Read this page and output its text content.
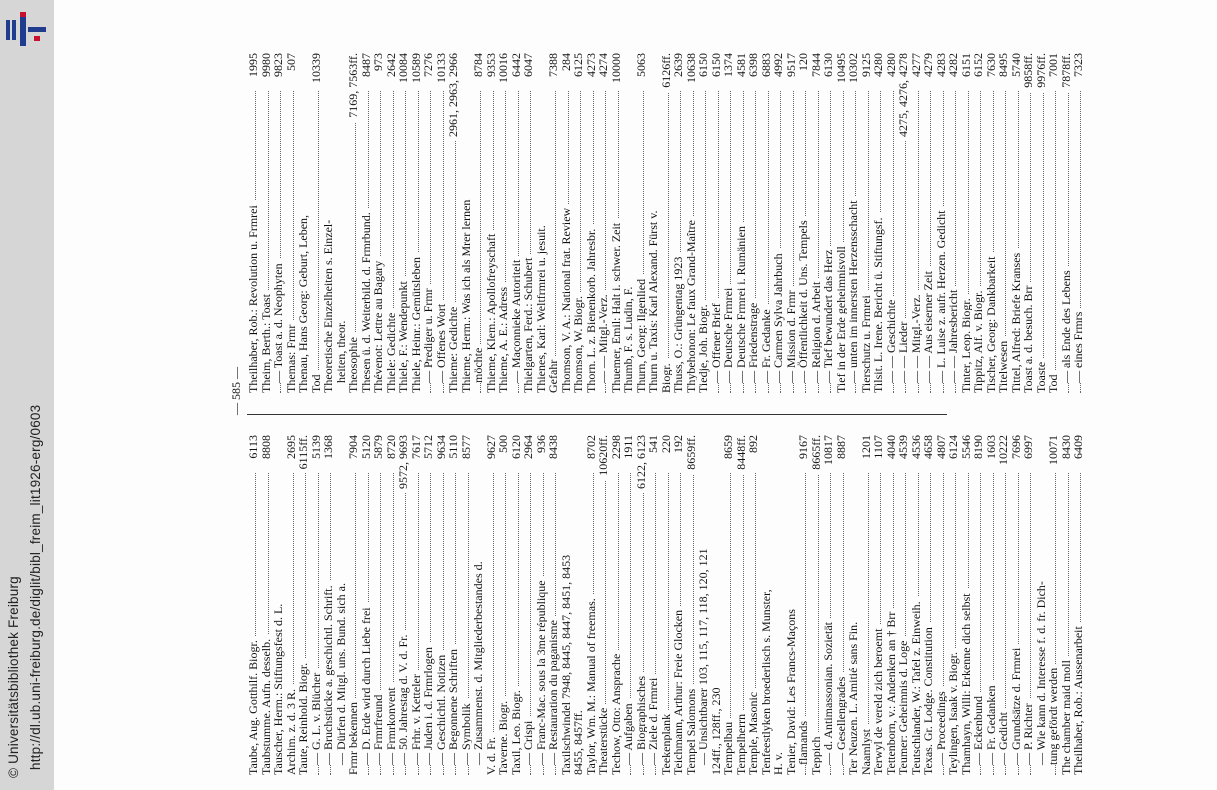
http://dl.ub.uni-freiburg.de/diglit/bibl_freim_lit1926-erg/0603
© Universitätsbibliothek Freiburg
— 585 —
Taube, Aug. Gotthilf. Biogr.
6113
Taubstumme. Aufn. desselb.
8808
Tauscher, Herm.: Stiftungsfest d. L.
Archim. z. d. 3 R.
2695
Taute, Reinhold. Biogr.
6115ff.
— G. L. v. Blücher
5139
— Bruchstücke a. geschichtl. Schrift.
1368
— Dürfen d. Mitgl. uns. Bund. sich a.
Frmr bekennen
7904
— D. Erde wird durch Liebe frei
5120
— Frmrfreund
5879
— Frmrkonvent
8720
— 50. Jahrestag d. V. d. Fr.
9572, 9693
— Frhr. v. Ketteler
7617
— Juden i. d. Frmrlogen
5712
— Geschichtl. Notizen
9634
— Begonnene Schriften
5110
— Symbolik
8577
— Zusammenst. d. Mitgliederbestandes d.
V. d. Fr.
9627
Taverne. Biogr.
500
Taxil, Leo. Biogr.
6120
— Crispi
2964
— Franc-Mac. sous la 3me république
936
— Restauration du paganisme
8438
Taxilschwindel 7948, 8445, 8447, 8451, 8453
8455, 8457ff.
Taylor, Wm. M.: Manual of freemas.
8702
Theaterstücke
10620ff.
Techow, Otto: Ansprache
2298
— Aufgaben
1911
— Biographisches
6122, 6123
— Ziele d. Frmrei
541
Teekenplank
220
Teichmann, Arthur: Freie Glocken
192
Tempel Salomons
8659ff.
— Unsichtbarer 103, 115, 117, 118, 120, 121
124ff., 128ff., 230
Tempelbau
8659
Tempelherrn
8448ff.
Temple, Masonic
892
Tenfeestlyken broederlisch s. Munster,
H. v.
Tenier, David: Les Francs-Maçons
flamands
9167
Teppich
8665ff.
— d. Antimassonian. Sozietät
10817
— Gesellengrades
8887
Ter Neuzen. L. Amitié sans Fin.
Naamlyst
1201
Terwyl de vereld zich beroemt
1107
Tettenborn, v.: Andenken an † Brr
4040
Teumer: Geheimnis d. Loge
4539
Teutschlander, W.: Tafel z. Einweih.
4536
Texas. Gr. Lodge. Constitution
4658
— Proceedings
4807
Teylingen, Isaak v. Biogr.
6124
Thamhayn, Willi: Erkenne dich selbst
5546
— Eckenbund
8190
— Fr. Gedanken
1603
— Gedicht
10222
— Grundsätze d. Frmrei
7696
— P. Richter
6997
— Wie kann d. Interesse f. d. fr. Dich-
tung gefördt werden
10071
The chamber maid moll
8430
Theilhaber, Rob.: Aussenarbeit
6409
Theilhaber, Rob.: Revolution u. Frmrei
1995
Theim, Berth.: Toast
9980
— Toast a. d. Neophyten
9823
Themas: Frmr
507
Thenau, Hans Georg: Geburt, Leben,
Tod
10339
Theoretische Einzelheiten s. Einzel-
heiten, theor.
Theosophie
7169, 7563ff.
Thesen ü. d. Weiterbild. d. Frmrbund.
8487
Thévenot: Lettre au Bagary
973
Thiele: Gedichte
2642
Thiele, F.: Wendepunkt
10084
Thiele, Heinr.: Gemütsleben
10589
— Prediger u. Frmr
7276
— Offenes Wort
10133
Thieme: Gedichte
2961, 2963, 2966
Thieme, Herm.: Was ich als Mrer lernen
möchte
8784
Thieme, Klem.: Apollofreyschaft
9353
Thieme, A. E.: Adress
10016
— Maçonnieke Autoriteit
6442
Thielgarten, Ferd.: Schubert
6047
Thienes, Karl: Weltfrmrei u. jesuit.
Gefahr
7388
Thomson, V. A.: National frat. Review
284
Thomson, W. Biogr.
6125
Thorn. L. z. Bienenkorb. Jahresbr.
4273
— — Mitgl.-Verz.
4274
Thuemer, Emil: Halt i. schwer. Zeit
10000
Thumb, F. s. Ludin, F.
Thurn, Georg: Ilgenlied
5063
Thurn u. Taxis: Karl Alexand. Fürst v.
Biogr.
6126ff.
Thuss, O.: Grüngentag 1923
2639
Thybehonon: Le faux Grand-Maître
10638
Tiedje, Joh. Biogr.
6150
— Offener Brief
6150
— Deutsche Frmrei
1374
— Deutsche Frmrei i. Rumänien
4581
— Friedenstrage
6398
— Fr. Gedanke
6883
— Carmen Sylva Jahrbuch
4992
— Mission d. Frmr
9517
— Öffentlichkeit d. Uns. Tempels
120
— Religion d. Arbeit
7844
— Tief bewundert das Herz
6130
Tief in der Erde geheimnisvoll
10495
— unten im innersten Herzensschacht
10302
Tierschutz u. Frmrei
9125
Tilsit. L. Irene. Bericht ü. Stiftungsf.
4280
— — Geschichte
4280
— — Lieder
4275, 4276, 4278
— — Mitgl.-Verz.
4277
— — Aus eiserner Zeit
4279
— L. Luise z. aufr. Herzen. Gedicht
4283
— — Jahresbericht
4282
Tinter, Leop. Biogr.
6151
Tippitz, Alf. v. Biogr.
6152
Tischer, Georg: Dankbarkeit
7630
Titelwesen
8495
Tittel, Alfred: Briefe Kranses
5740
Toast a. d. besuch. Brr
9858ff.
Toaste
9976ff.
Tod
7001
— als Ende des Lebens
7878ff.
— eines Frmrs
7323
